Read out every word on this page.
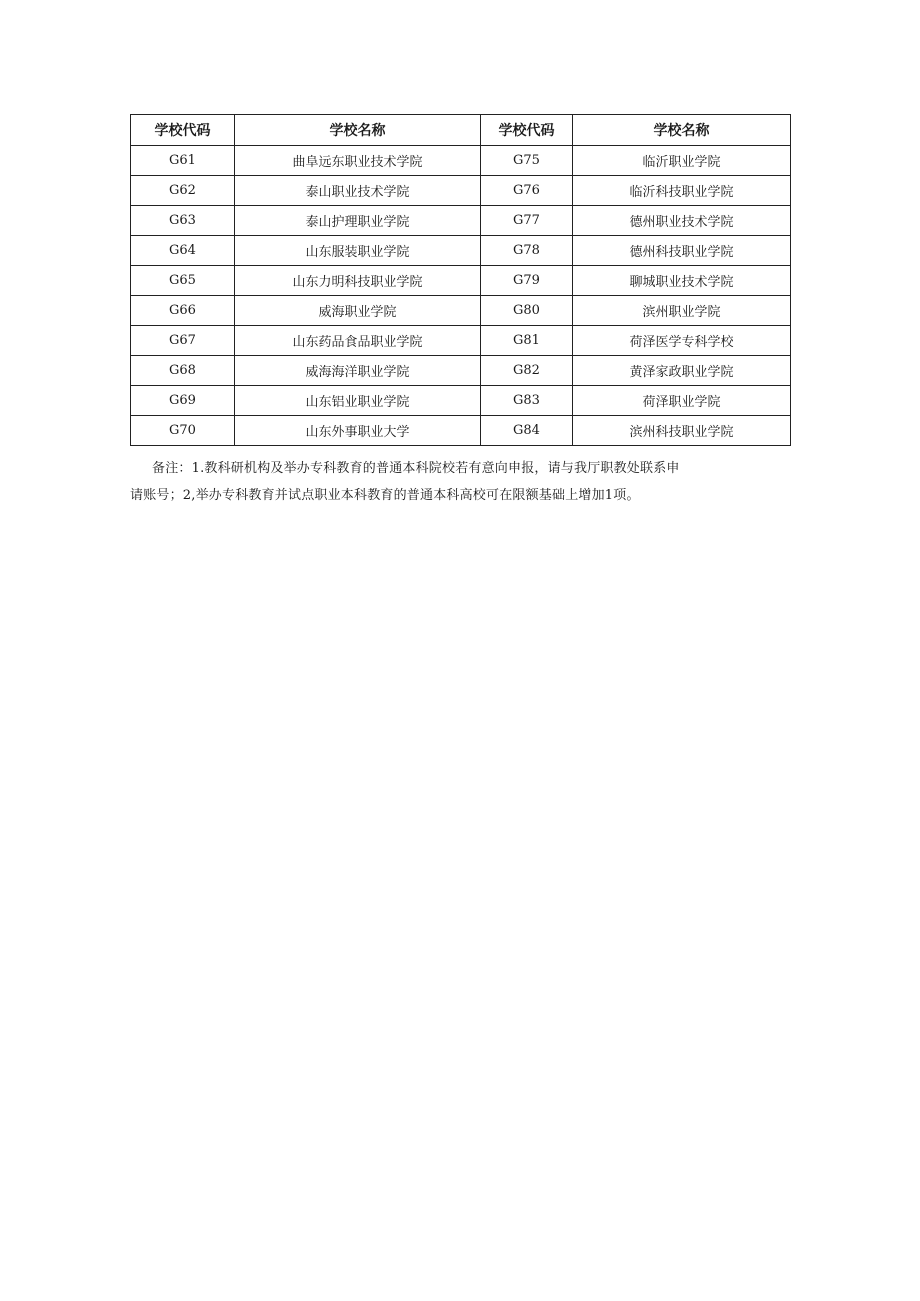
学校代码	学校名称	学校代码	学校名称
G61	曲阜远东职业技术学院	G75	临沂职业学院
G62	泰山职业技术学院	G76	临沂科技职业学院
G63	泰山护理职业学院	G77	德州职业技术学院
G64	山东服装职业学院	G78	德州科技职业学院
G65	山东力明科技职业学院	G79	聊城职业技术学院
G66	威海职业学院	G80	滨州职业学院
G67	山东药品食品职业学院	G81	荷泽医学专科学校
G68	威海海洋职业学院	G82	黄泽家政职业学院
G69	山东铝业职业学院	G83	荷泽职业学院
G70	山东外事职业大学	G84	滨州科技职业学院
备注：1.教科研机构及举办专科教育的普通本科院校若有意向申报，请与我厅职教处联系申
请账号；2,举办专科教育并试点职业本科教育的普通本科高校可在限额基础上增加1项。
